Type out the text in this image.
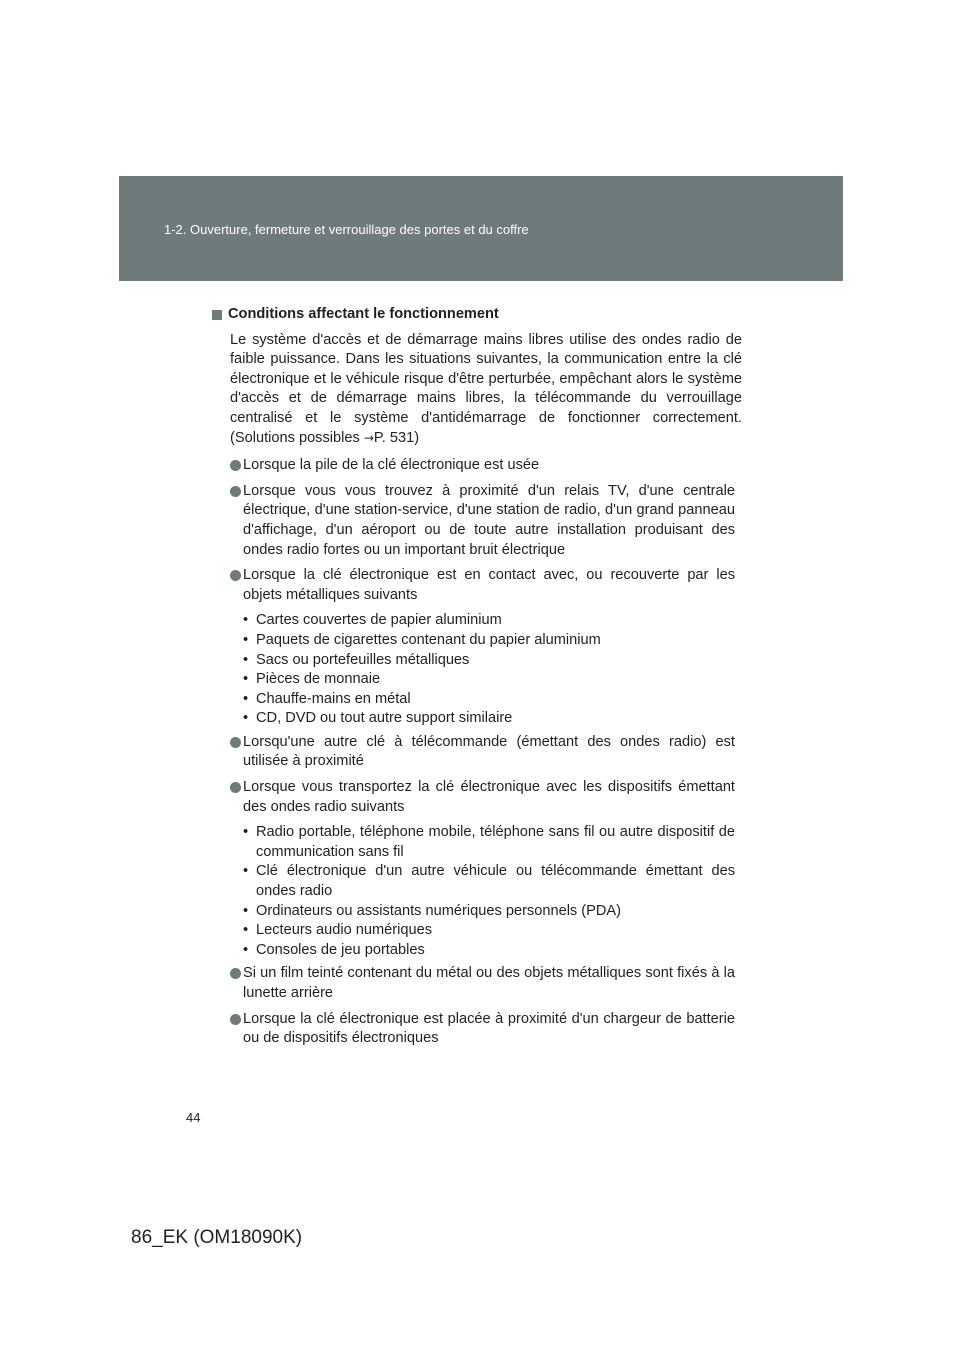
1-2. Ouverture, fermeture et verrouillage des portes et du coffre
Conditions affectant le fonctionnement

Le système d'accès et de démarrage mains libres utilise des ondes radio de faible puissance. Dans les situations suivantes, la communication entre la clé électronique et le véhicule risque d'être perturbée, empêchant alors le système d'accès et de démarrage mains libres, la télécommande du verrouillage centralisé et le système d'antidémarrage de fonctionner correctement. (Solutions possibles →P. 531)

Lorsque la pile de la clé électronique est usée
Lorsque vous vous trouvez à proximité d'un relais TV, d'une centrale électrique, d'une station-service, d'une station de radio, d'un grand panneau d'affichage, d'un aéroport ou de toute autre installation produisant des ondes radio fortes ou un important bruit électrique
Lorsque la clé électronique est en contact avec, ou recouverte par les objets métalliques suivants
• Cartes couvertes de papier aluminium
• Paquets de cigarettes contenant du papier aluminium
• Sacs ou portefeuilles métalliques
• Pièces de monnaie
• Chauffe-mains en métal
• CD, DVD ou tout autre support similaire
Lorsqu'une autre clé à télécommande (émettant des ondes radio) est utilisée à proximité
Lorsque vous transportez la clé électronique avec les dispositifs émettant des ondes radio suivants
• Radio portable, téléphone mobile, téléphone sans fil ou autre dispositif de communication sans fil
• Clé électronique d'un autre véhicule ou télécommande émettant des ondes radio
• Ordinateurs ou assistants numériques personnels (PDA)
• Lecteurs audio numériques
• Consoles de jeu portables
Si un film teinté contenant du métal ou des objets métalliques sont fixés à la lunette arrière
Lorsque la clé électronique est placée à proximité d'un chargeur de batterie ou de dispositifs électroniques
44
86_EK (OM18090K)
